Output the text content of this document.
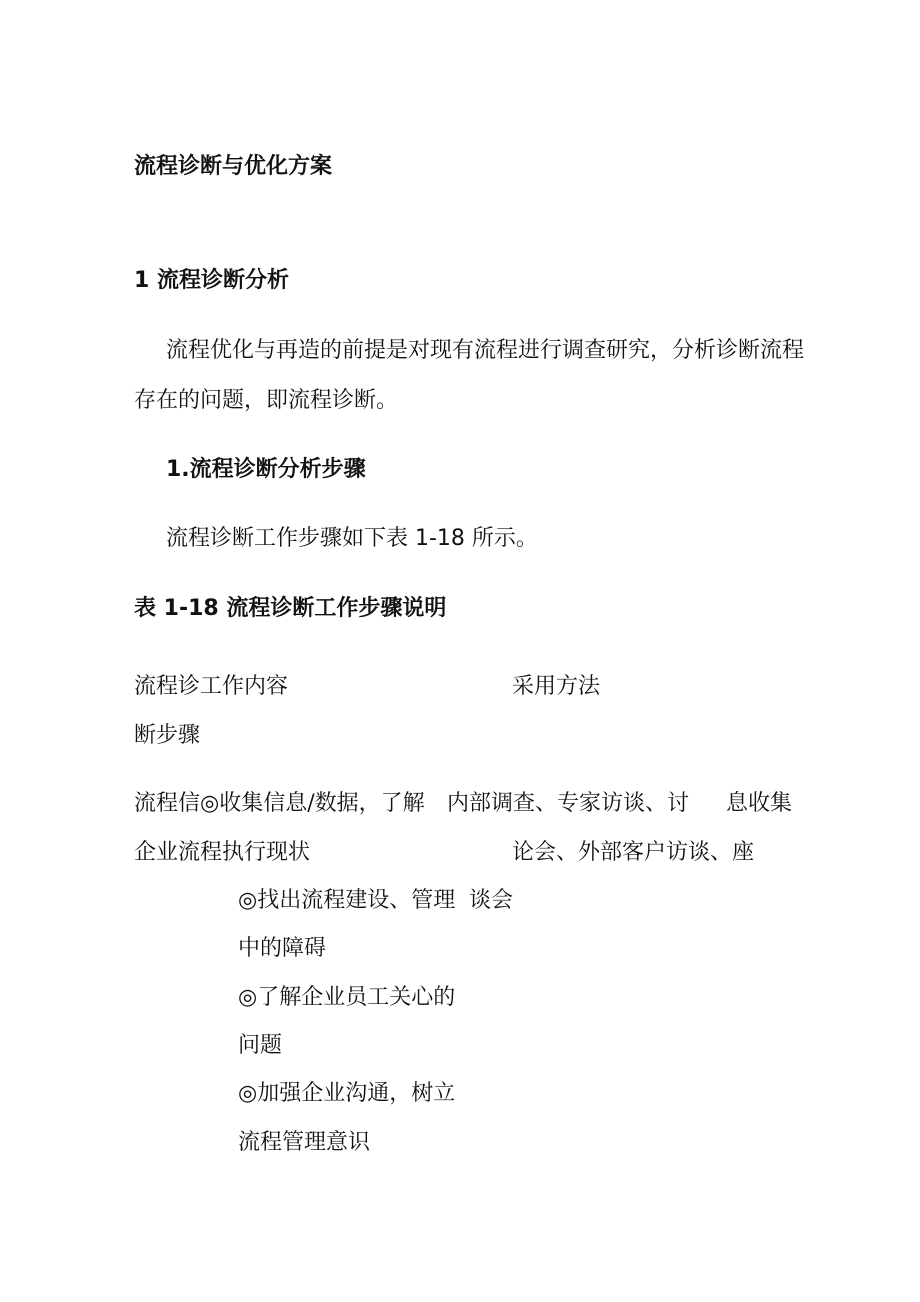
流程诊断与优化方案
1 流程诊断分析
流程优化与再造的前提是对现有流程进行调查研究，分析诊断流程
存在的问题，即流程诊断。
1.流程诊断分析步骤
流程诊断工作步骤如下表 1-18 所示。
表 1-18 流程诊断工作步骤说明
流程诊
断步骤
工作内容	采用方法
流程信
企业
◎收集信息/数据，了解
流程执行现状
◎找出流程建设、管理
中的障碍
◎了解企业员工关心的
问题
◎加强企业沟通，树立
流程管理意识
内部调查、专家访谈、讨
论会、外部客户访谈、座
谈会
息收集
